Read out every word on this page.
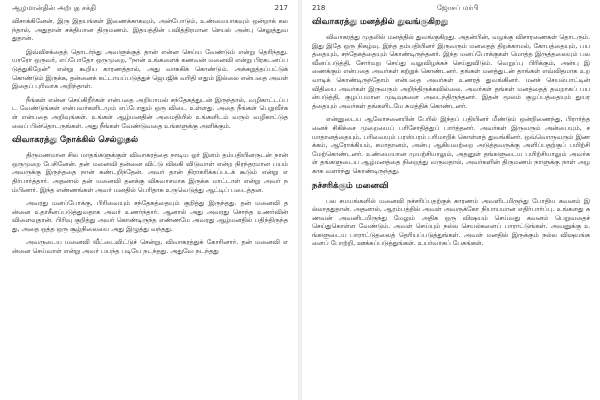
ஆழமான்தின் அற்புத சக்தி	217

விசாக்கினேன். இரு இதயங்கள் இணைக்காகவும், அன்போடும், உண்மையாகவும் ஒன்றாக் கலந்தால், அதுதான் சக்தியான திருமணம். இதயத்தின் பவித்திரமான செயல் அன்பு செலுத்துவதுதான்.

இவ்விசக்தைத் தொடர்ந்து அவளுக்குத் தான் என்ன செய்ய வேண்டும் என்று தெரிந்தது. யாரோ ஒருவர், எப்போதோ ஒருமுறை, "நான் உங்களைக் கணவன் மனைவி என்று பிரகடனப்படுத்துகிறேன்" என்று கூறிய காரணத்தால், அது வாசுகிக் கொண்டும். அக்கறுத்தப்பட்டுக் கொண்டும் இருக்க, தன்னைக் கட்டாயப்படுத்துச் ஜெபஜிக் வரிதி எதும் இல்லை என்பதை அவள் இதைப் புரிவாக அறிந்தாள்.

நீங்கள் என்ன செய்கிறீர்கள் என்பதை அறியாமல் சந்தேகத்துடன் இருந்தால், வழிகாட்டப்பட வேண்டுங்கள் என்பவர்களிடமும் எப்போதும் ஒரு விடை உள்ளது. அதை நீங்கள் பெறுவீர்கள் என்பதை அறிவுங்கள். உங்கள் ஆழ்மனதின் அமைதியில் உங்களிடம் வரும் வழிகாட்டுதலைப் பின்தொடருங்கள். அது நீங்கள் வேண்டுவதை உங்களுக்கு அளிக்கும்.

விவாகரத்து நோக்கில் செல்லுதல்

திருமணமான சில மாதங்களுக்குள் விவாகரத்தை நாடிய ஓர் இளம் தம்பதியினருடன் நான் ஒருமுறை பேசினேன். தன் மனைவி தன்னை விட்டு விலகி விடுவாள் என்ற நிரந்தரமான பயம் அவருக்கு இருந்ததை நான் கண்டறிந்தேன். அவர் தான் நிராகரிக்கப்படக் கூடும் என்று எதிர்பார்த்தார். அதனால் தன் மனைவி தனக்கு விசுவாசமாக இருக்க மாட்டாள் என்று அவர் நம்பினார். இந்த எண்ணங்கள் அவர் மனதில் பெரிதாக உருவெடுத்து ஆட்டிப் படைத்தன.

அவரது மனப்போக்கு, பிரிவையும் சந்தேகத்தையும் குறித்து இருந்தது. தன் மனைவி தன்னை உதாசீனப்படுத்துவதாக அவர் உணர்ந்தார். ஆனால் அது அவரது சொந்த உணர்வின் விளைவுதான். பிரிவு குறித்து அவர் கொண்டிருந்த எண்ணமே அவரது ஆழ்மனதில் பதிந்திருந்தது, அதை ஒத்த ஒரு சூழ்நிலையை அது இழுத்து வந்தது.

அவருடைய மனைவி வீட்டைவிட்டுச் சென்று, விவாகரத்துக் கோரினார். தன் மனைவி என்னை செய்வாள் என்று அவர் பயந்த படியே நடந்தது. அதுவே நடந்தது

218	ஜோசப் மர்பி
விவாகரத்து மனத்தில் துவங்குகிறது

விவாகரத்து முதலில் மனத்தில் துவங்குகிறது. அதன்பின், வழக்கு விசாரணைகள் தொடரும். இது இதே ஒரு நிகழ்வு. இந்த தம்பதியினர் இருவரும் மனதைத் திறக்காமல், கோபத்தையும், பயத்தையும், சந்தேகத்தையும் கொண்டிருந்தனர். இந்த மனப்போக்குகள் மொத்த இருத்தலையும் பலவீனப்படுத்தி, சோர்வுற செய்து வலுவிழக்கச் செய்துவிடும். வெறுப்பு பிரிக்கும், அன்பு இணைக்கும் என்பதை அவர்கள் கற்றுக் கொண்டனர். தங்கள் மனத்துடன் தாங்கள் எவ்விதமாக உறவாடிக் கொண்டிருந்தோம் என்பதை அவர்கள் உணரத் துவங்கினர். மனச் செயல்பாட்டின் விதியை அவர்கள் இருவரும் அறிந்திருக்கவில்லை. அவர்கள் தங்கள் மனத்தைத் தவறாகப் பயன்படுத்தி, குழப்பமான முடிவுகளை அடைந்திருந்தனர். இதன் மூலம் குழப்பத்தையும் துயரத்தையும் அவர்கள் தங்களிடமே சுமத்திக் கொண்டனர்.

என்னுடைய ஆலோசனையின் பேரில் இந்தப் பதியினர் மீண்டும் ஒன்றிணைந்து, பிரார்த்தனைச் சிகிச்சை முறையைப் பரிசோதித்துப் பார்த்தனர். அவர்கள் இருவரும் அன்பையும், சமாதானத்தையும், பரிவையும் பரஸ்பரம் பரிமாறிக் கொள்ளத் துவங்கினர். ஒவ்வொருவரும் இணக்கம், ஆரோக்கியம், சமாதானம், அன்பு ஆகியவற்றை அடுத்தவருக்கு அளிப்பதற்குப் பயிற்சி மேற்கொண்டனர். உண்மையான முயற்சியாலும், அதனுள் தங்களுடைய பயிற்சியாலும் அவர்கள் தங்களுடைய ஆழ்மனத்தை நிறைத்து வருவதால், அவர்களின் திருமணம் நாளுக்கு நாள் அழகாக வளர்ந்து கொண்டிருந்தது.

நச்சரிக்கும் மனைவி

பல சமயங்களில் மனைவி நச்சரிப்பதற்குக் காரணம் அவளிடமிருந்து போதிய கவனம் இல்லாததுதான். அதனால், ஆரம்பத்தில் அவள் அவருக்கோ நியாயமான எதிர்பார்ப்பு. உங்களது கணவன் அவனிடமிருந்து மேலும் அதிக ஒரு விஷயம் செய்வது கவனம் பெறுவதைச் செய்துகொள்ள வேண்டும். அவள் செய்யும் நல்ல செயல்களைப் பாராட்டுங்கள். அவனுக்கு உங்களுடைய பாராட்டுதலைத் தெரியப்படுத்துங்கள். அவள் மனதில் இருக்கும் நல்ல விஷயங்களைப் போற்றி, ஊக்கப்படுத்துங்கள். உயர்வாகப் பேசுங்கள்.
